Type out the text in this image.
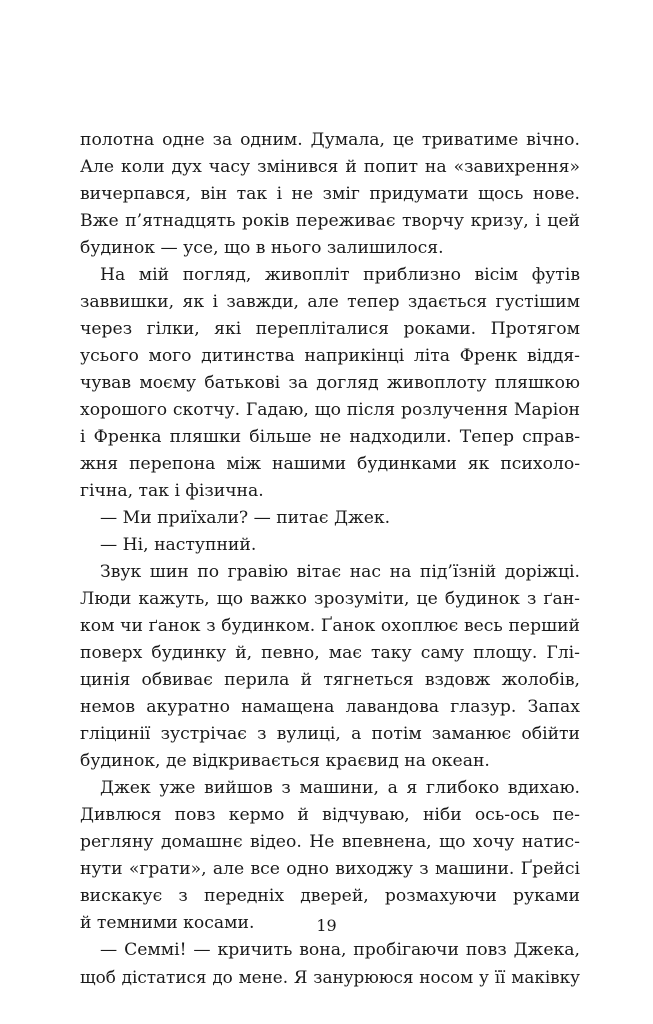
полотна одне за одним. Думала, це триватиме вічно.
Але коли дух часу змінився й попит на «завихрення»
вичерпався, він так і не зміг придумати щось нове.
Вже п’ятнадцять років переживає творчу кризу, і цей
будинок — усе, що в нього залишилося.
На мій погляд, живопліт приблизно вісім футів
заввишки, як і завжди, але тепер здається густішим
через гілки, які перепліталися роками. Протягом
усього мого дитинства наприкінці літа Френк віддя-
чував моєму батькові за догляд живоплоту пляшкою
хорошого скотчу. Гадаю, що після розлучення Маріон
і Френка пляшки більше не надходили. Тепер справ-
жня перепона між нашими будинками як психоло-
гічна, так і фізична.
— Ми приїхали? — питає Джек.
— Ні, наступний.
Звук шин по гравію вітає нас на під’їзній доріжці.
Люди кажуть, що важко зрозуміти, це будинок з ґан-
ком чи ґанок з будинком. Ґанок охоплює весь перший
поверх будинку й, певно, має таку саму площу. Глі-
цинія обвиває перила й тягнеться вздовж жолобів,
немов акуратно намащена лавандова глазур. Запах
гліцинії зустрічає з вулиці, а потім заманює обійти
будинок, де відкривається краєвид на океан.
Джек уже вийшов з машини, а я глибоко вдихаю.
Дивлюся повз кермо й відчуваю, ніби ось-ось пе-
регляну домашнє відео. Не впевнена, що хочу натис-
нути «грати», але все одно виходжу з машини. Ґрейсі
вискакує з передніх дверей, розмахуючи руками
й темними косами.
— Семмі! — кричить вона, пробігаючи повз Джека,
щоб дістатися до мене. Я занурююся носом у її маківку
19
